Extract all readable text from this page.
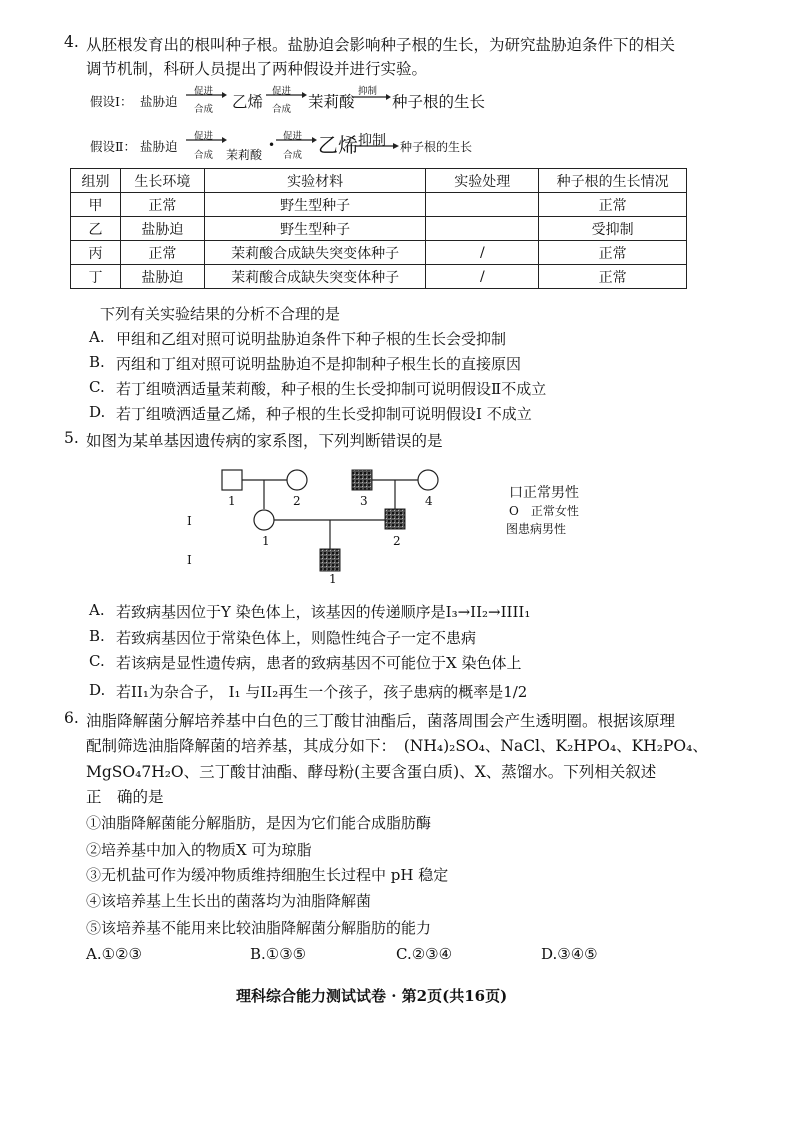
4. 从胚根发育出的根叫种子根。盐胁迫会影响种子根的生长，为研究盐胁迫条件下的相关
调节机制，科研人员提出了两种假设并进行实验。
假设Ⅰ： 盐胁迫
促进
合成 乙烯
促进
合成 茉莉酸
抑制
种子根的生长
假设Ⅱ： 盐胁迫
促进
合成 茉莉酸
•
促进
合成 乙烯 抑制 种子根的生长
组别	生长环境	实验材料	实验处理	种子根的生长情况
甲	正常	野生型种子		正常
乙	盐胁迫	野生型种子		受抑制
丙	正常	茉莉酸合成缺失突变体种子	/	正常
丁	盐胁迫	茉莉酸合成缺失突变体种子	/	正常
下列有关实验结果的分析不合理的是
A. 甲组和乙组对照可说明盐胁迫条件下种子根的生长会受抑制
B. 丙组和丁组对照可说明盐胁迫不是抑制种子根生长的直接原因
C. 若丁组喷洒适量茉莉酸，种子根的生长受抑制可说明假设Ⅱ不成立
D. 若丁组喷洒适量乙烯，种子根的生长受抑制可说明假设I 不成立
5. 如图为某单基因遗传病的家系图，下列判断错误的是
1	2	3	4
1	2
1
I
I
口正常男性
O　正常女性
图患病男性
A. 若致病基因位于Y 染色体上，该基因的传递顺序是I₃→II₂→IIII₁
B. 若致病基因位于常染色体上，则隐性纯合子一定不患病
C. 若该病是显性遗传病，患者的致病基因不可能位于X 染色体上
D. 若II₁为杂合子， I₁ 与II₂再生一个孩子，孩子患病的概率是1/2
6. 油脂降解菌分解培养基中白色的三丁酸甘油酯后，菌落周围会产生透明圈。根据该原理
配制筛选油脂降解菌的培养基，其成分如下：　(NH₄)₂SO₄、NaCl、K₂HPO₄、KH₂PO₄、
MgSO₄7H₂O、三丁酸甘油酯、酵母粉(主要含蛋白质)、X、蒸馏水。下列相关叙述
正　确的是
①油脂降解菌能分解脂肪，是因为它们能合成脂肪酶
②培养基中加入的物质X 可为琼脂
③无机盐可作为缓冲物质维持细胞生长过程中 pH 稳定
④该培养基上生长出的菌落均为油脂降解菌
⑤该培养基不能用来比较油脂降解菌分解脂肪的能力
A.①②③	B.①③⑤	C.②③④	D.③④⑤
理科综合能力测试试卷 · 第2页(共16页)
